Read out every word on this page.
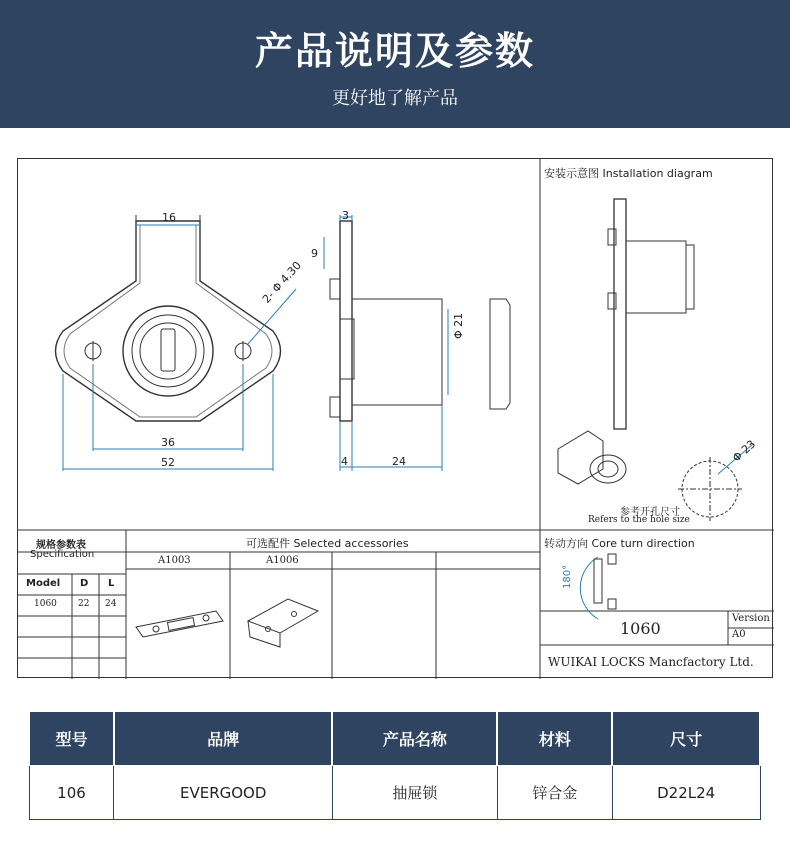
产品说明及参数
更好地了解产品
16	3
9
2- Φ 4.30
Φ 21
36
52	4	24	Φ 23
安装示意图 Installation diagram
参考开孔尺寸
Refers to the hole size
规格参数表
Specification
Model D L
1060 22 24
可选配件 Selected accessories
A1003	A1006
转动方向 Core turn direction
180°
1060
Version
A0
WUIKAI LOCKS Mancfactory Ltd.
型号	品牌	产品名称	材料	尺寸
106	EVERGOOD	抽屉锁	锌合金	D22L24
